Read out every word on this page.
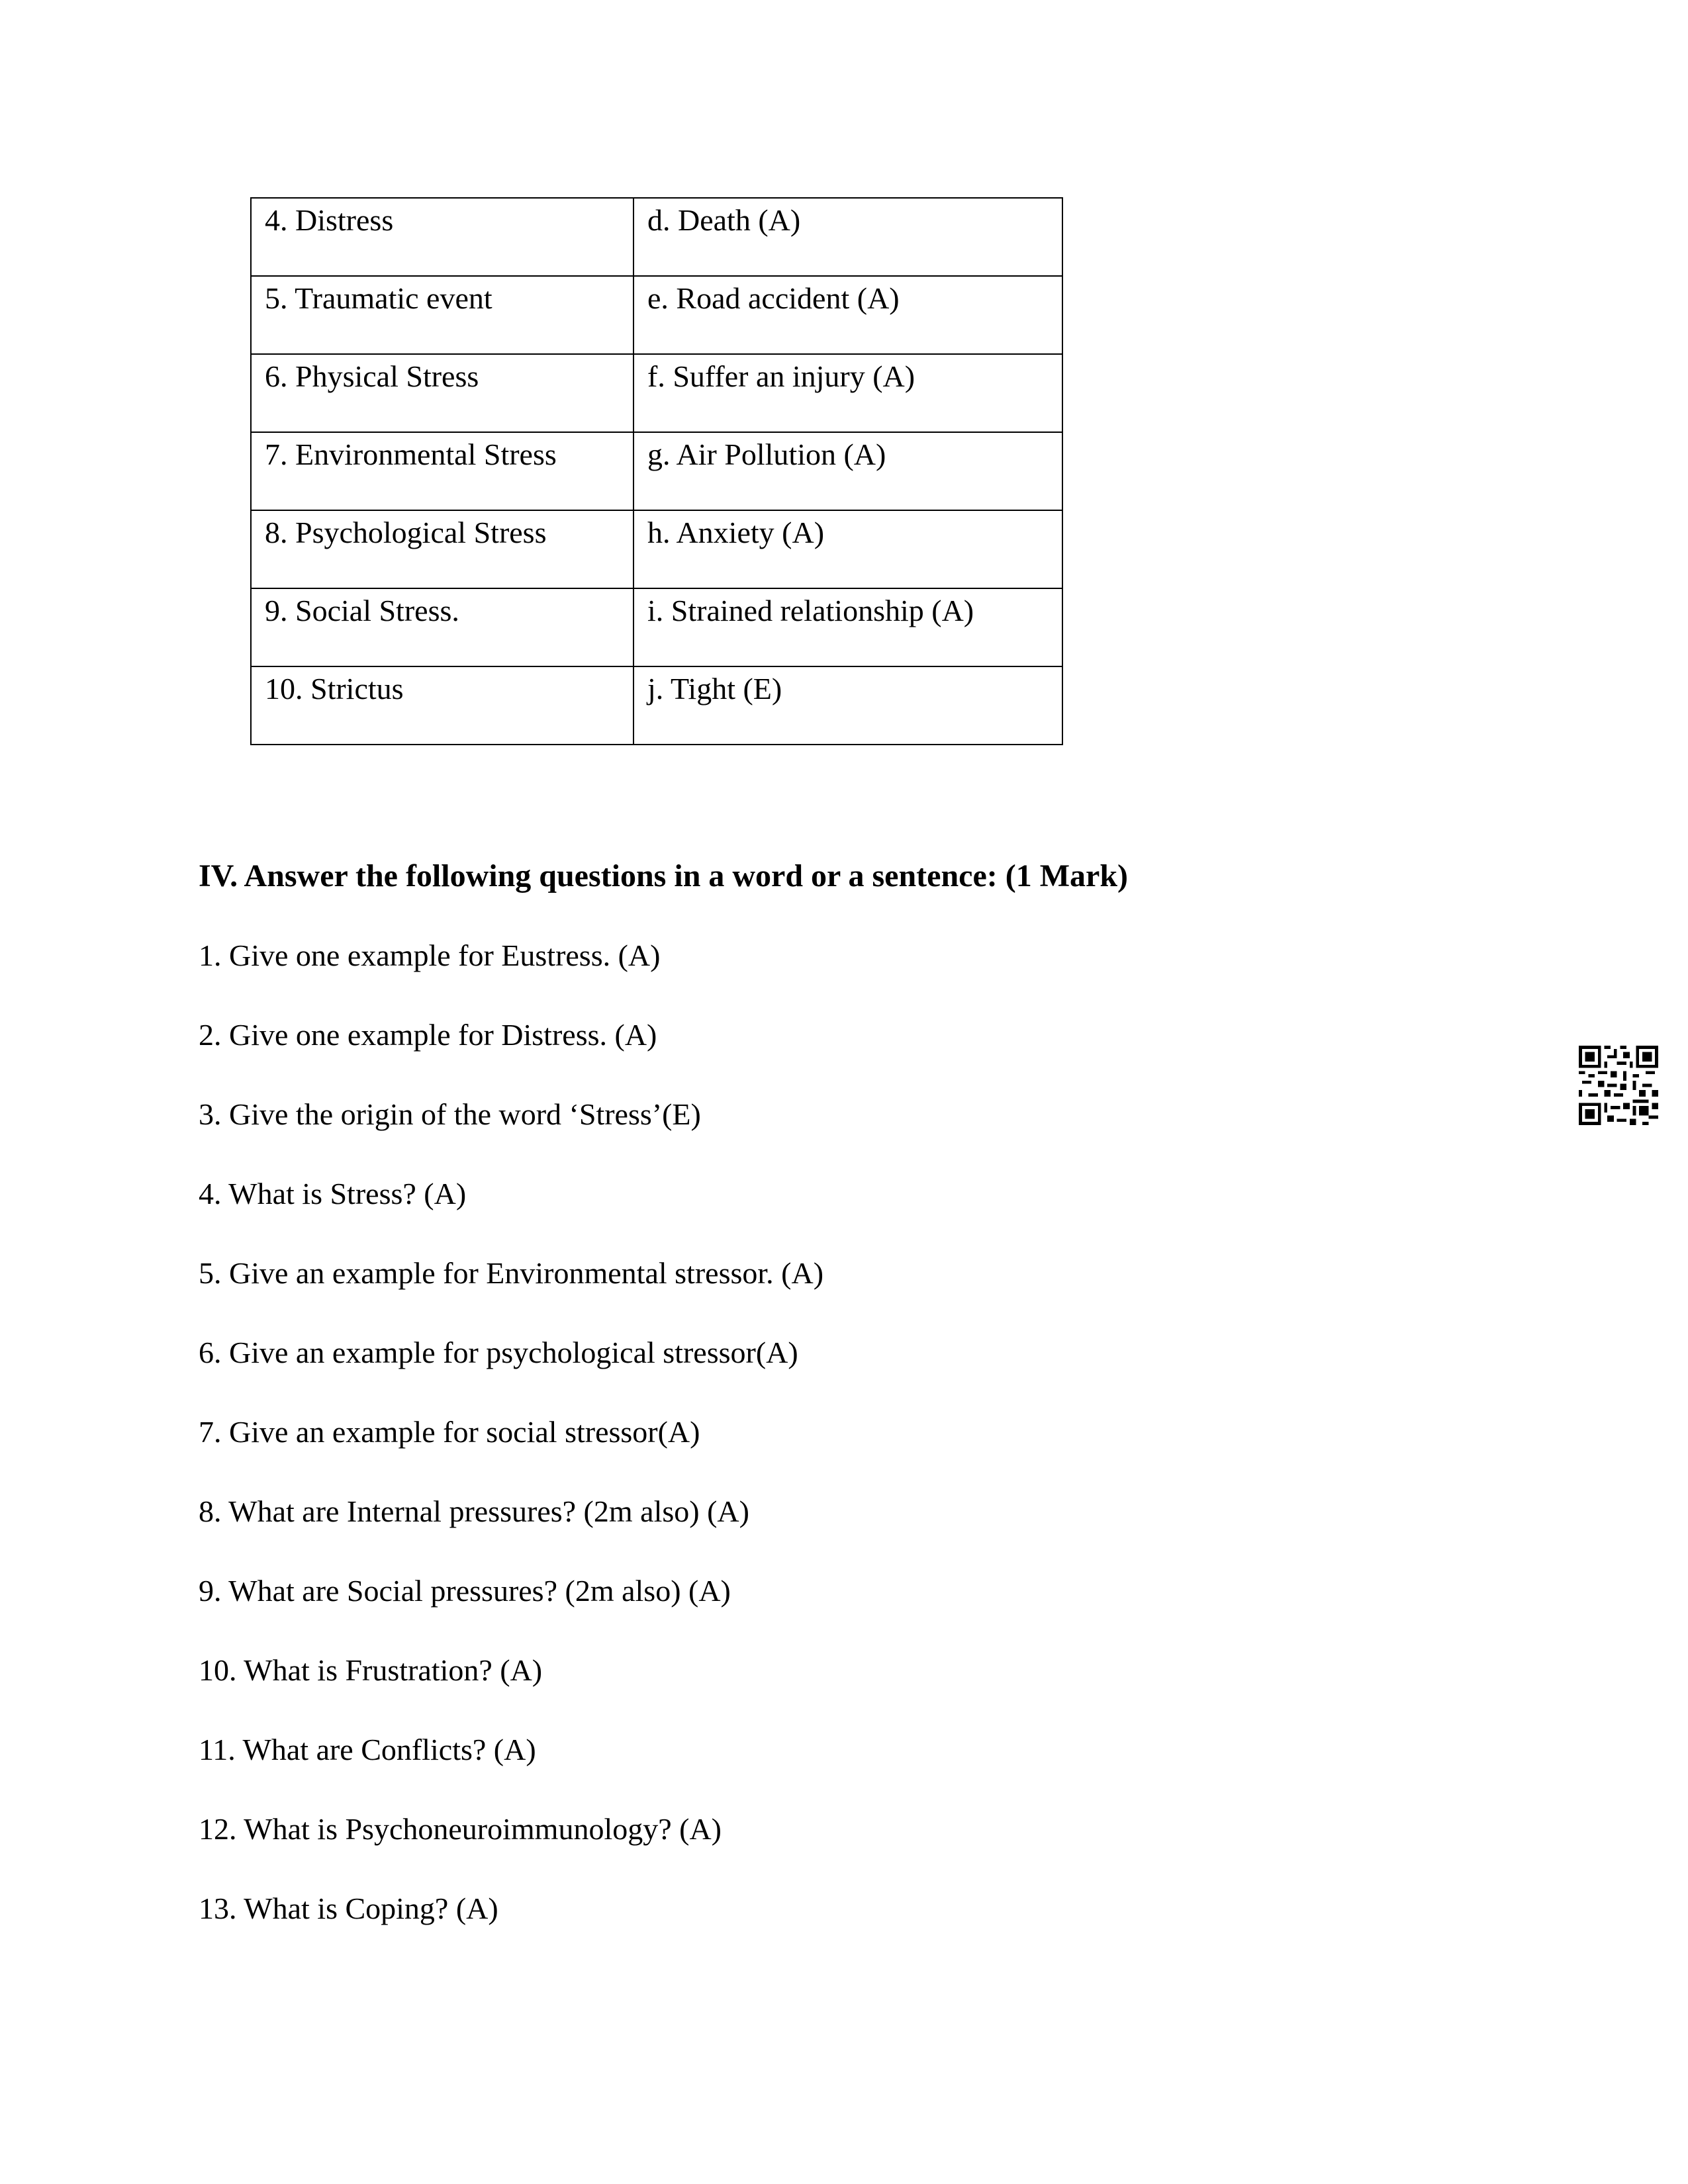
4. Distress	d. Death (A)
5. Traumatic event	e. Road accident (A)
6. Physical Stress	f. Suffer an injury (A)
7. Environmental Stress	g. Air Pollution (A)
8. Psychological Stress	h. Anxiety (A)
9. Social Stress.	i. Strained relationship (A)
10. Strictus	j. Tight (E)
IV. Answer the following questions in a word or a sentence: (1 Mark)
1. Give one example for Eustress. (A)
2. Give one example for Distress. (A)
3. Give the origin of the word ‘Stress’(E)
4. What is Stress? (A)
5. Give an example for Environmental stressor. (A)
6. Give an example for psychological stressor(A)
7. Give an example for social stressor(A)
8. What are Internal pressures? (2m also) (A)
9. What are Social pressures? (2m also) (A)
10. What is Frustration? (A)
11. What are Conflicts? (A)
12. What is Psychoneuroimmunology? (A)
13. What is Coping? (A)
